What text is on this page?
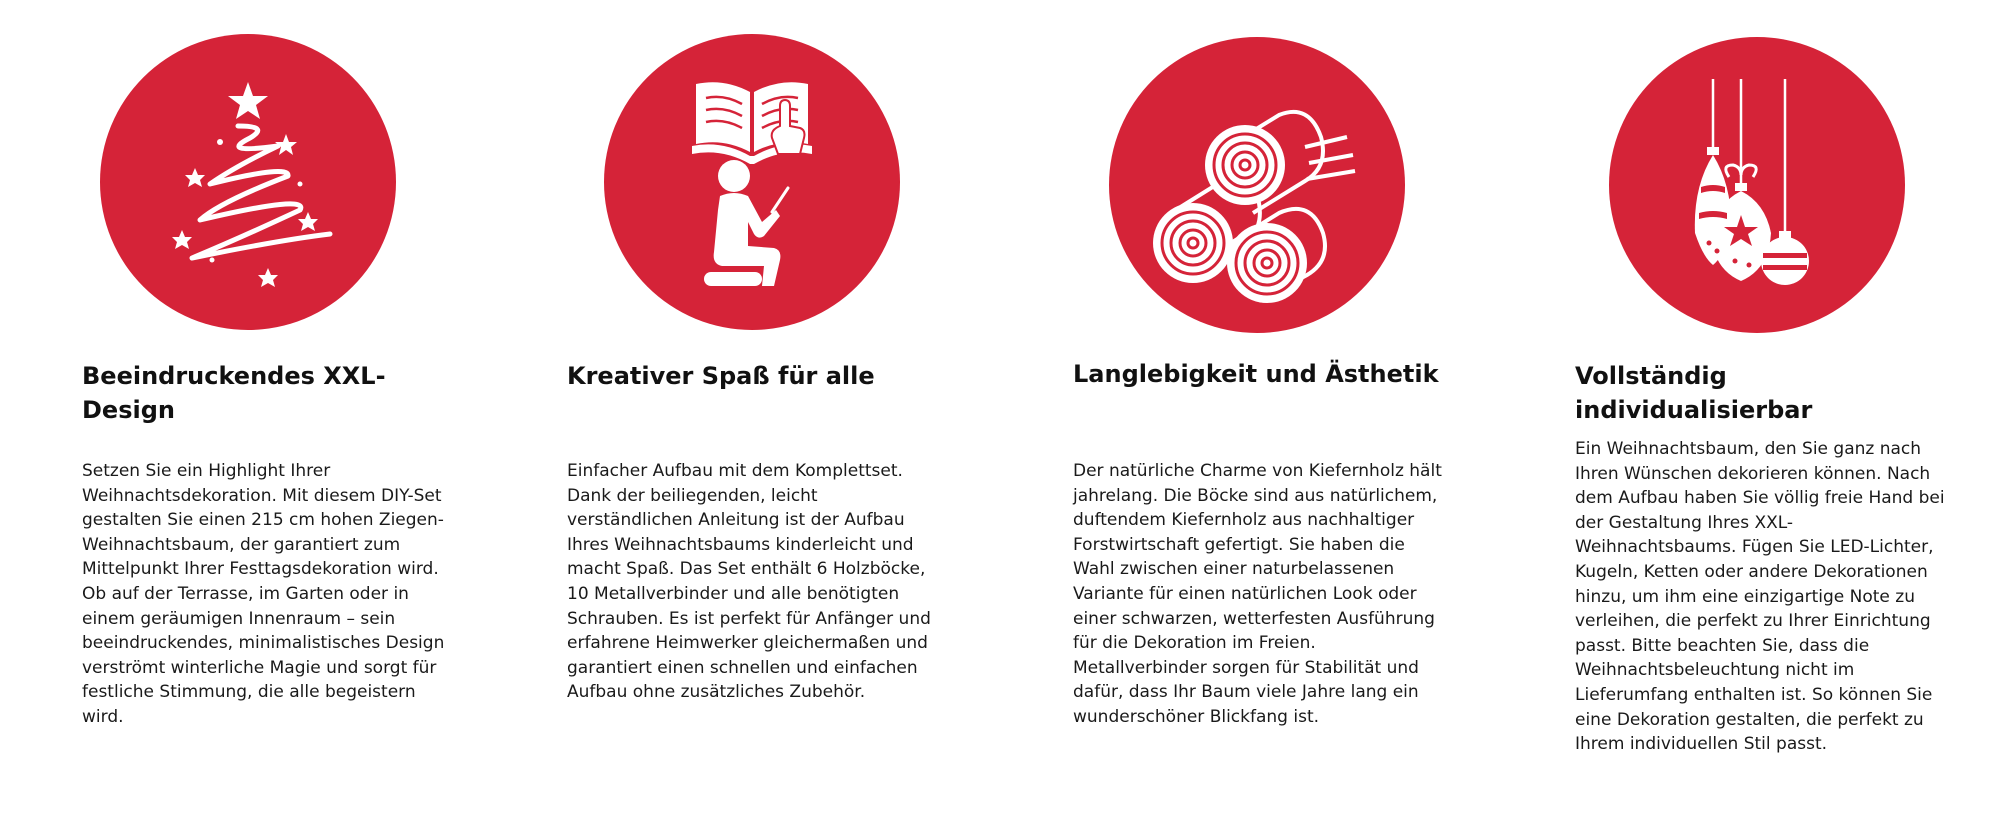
Beeindruckendes XXL-Design

Setzen Sie ein Highlight Ihrer Weihnachtsdekoration. Mit diesem DIY-Set gestalten Sie einen 215 cm hohen Ziegen-Weihnachtsbaum, der garantiert zum Mittelpunkt Ihrer Festtagsdekoration wird. Ob auf der Terrasse, im Garten oder in einem geräumigen Innenraum – sein beeindruckendes, minimalistisches Design verströmt winterliche Magie und sorgt für festliche Stimmung, die alle begeistern wird.

Kreativer Spaß für alle

Einfacher Aufbau mit dem Komplettset. Dank der beiliegenden, leicht verständlichen Anleitung ist der Aufbau Ihres Weihnachtsbaums kinderleicht und macht Spaß. Das Set enthält 6 Holzböcke, 10 Metallverbinder und alle benötigten Schrauben. Es ist perfekt für Anfänger und erfahrene Heimwerker gleichermaßen und garantiert einen schnellen und einfachen Aufbau ohne zusätzliches Zubehör.

Langlebigkeit und Ästhetik

Der natürliche Charme von Kiefernholz hält jahrelang. Die Böcke sind aus natürlichem, duftendem Kiefernholz aus nachhaltiger Forstwirtschaft gefertigt. Sie haben die Wahl zwischen einer naturbelassenen Variante für einen natürlichen Look oder einer schwarzen, wetterfesten Ausführung für die Dekoration im Freien. Metallverbinder sorgen für Stabilität und dafür, dass Ihr Baum viele Jahre lang ein wunderschöner Blickfang ist.

Vollständig individualisierbar

Ein Weihnachtsbaum, den Sie ganz nach Ihren Wünschen dekorieren können. Nach dem Aufbau haben Sie völlig freie Hand bei der Gestaltung Ihres XXL-Weihnachtsbaums. Fügen Sie LED-Lichter, Kugeln, Ketten oder andere Dekorationen hinzu, um ihm eine einzigartige Note zu verleihen, die perfekt zu Ihrer Einrichtung passt. Bitte beachten Sie, dass die Weihnachtsbeleuchtung nicht im Lieferumfang enthalten ist. So können Sie eine Dekoration gestalten, die perfekt zu Ihrem individuellen Stil passt.
